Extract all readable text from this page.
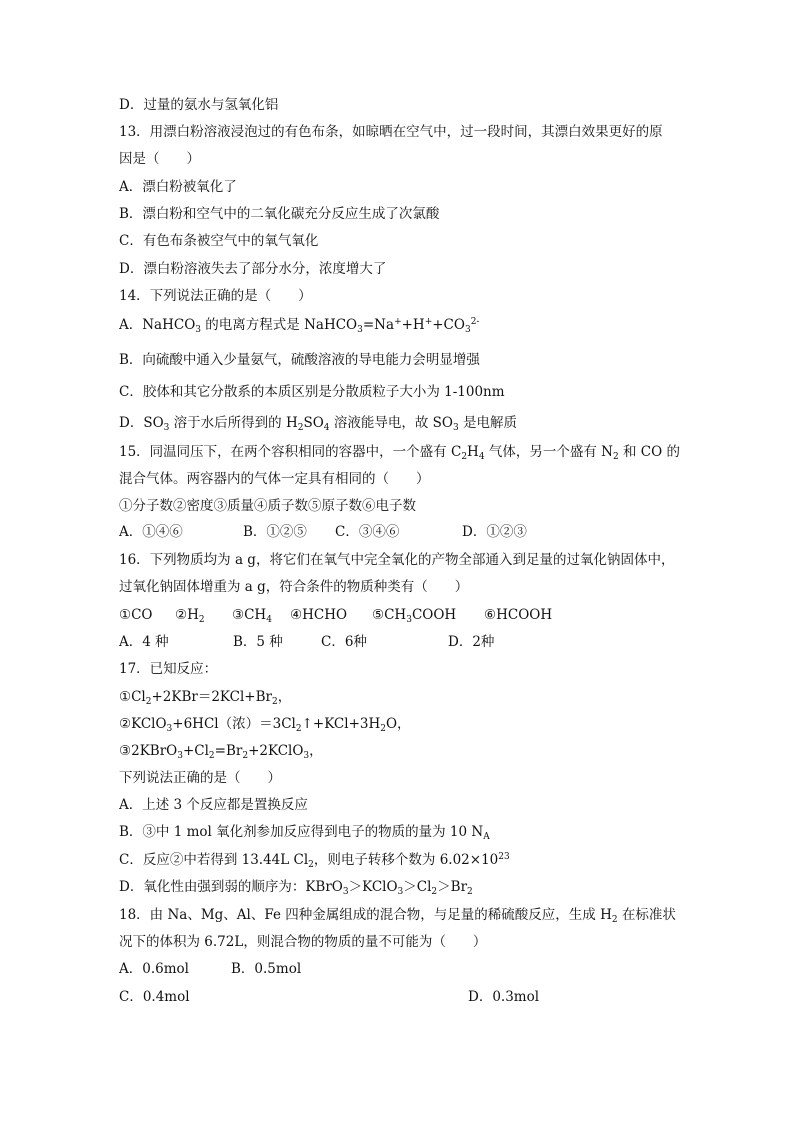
D．过量的氨水与氢氧化铝
13．用漂白粉溶液浸泡过的有色布条，如晾晒在空气中，过一段时间，其漂白效果更好的原
因是（　　）
A．漂白粉被氧化了
B．漂白粉和空气中的二氧化碳充分反应生成了次氯酸
C．有色布条被空气中的氧气氧化
D．漂白粉溶液失去了部分水分，浓度增大了
14．下列说法正确的是（　　）
A．NaHCO$_3$ 的电离方程式是 $NaHCO_3=Na^++H^++CO_3^{2-}$
B．向硫酸中通入少量氨气，硫酸溶液的导电能力会明显增强
C．胶体和其它分散系的本质区别是分散质粒子大小为 1-100nm
D．$SO_3$ 溶于水后所得到的 $H_2SO_4$ 溶液能导电，故 $SO_3$ 是电解质
15．同温同压下，在两个容积相同的容器中，一个盛有 $C_2H_4$ 气体，另一个盛有 $N_2$ 和 CO 的
混合气体。两容器内的气体一定具有相同的（　　）
①分子数②密度③质量④质子数⑤原子数⑥电子数
A．①④⑥	B．①②⑤ C．③④⑥	D．①②③
16．下列物质均为 a g，将它们在氧气中完全氧化的产物全部通入到足量的过氧化钠固体中，
过氧化钠固体增重为 a g，符合条件的物质种类有（　　）
①CO $②H_2$ $③CH_4$ ④HCHO $⑤CH_3COOH$ ⑥HCOOH
A．4 种	B．5 种	C．6种	D．2种
17．已知反应：
$①Cl_2+2KBr=2KCl+Br_2$，
②KClO$_3$+6HCl（浓）$=3Cl_2↑+KCl+3H_2O$，
$③2KBrO_3+Cl_2=Br_2+2KClO_3$，
下列说法正确的是（　　）
A．上述 3 个反应都是置换反应
B．③中 1 mol 氧化剂参加反应得到电子的物质的量为 10 $N_A$
C．反应②中若得到 13.44L $Cl_2$，则电子转移个数为 $6.02\times 10^{23}$
D．氧化性由强到弱的顺序为：$KBrO_3>KClO_3>Cl_2>Br_2$
18．由 Na、Mg、Al、Fe 四种金属组成的混合物，与足量的稀硫酸反应，生成 $H_2$ 在标准状
况下的体积为 6.72L，则混合物的物质的量不可能为（　　）
A．0.6mol	B．0.5mol
C．0.4mol	D．0.3mol
